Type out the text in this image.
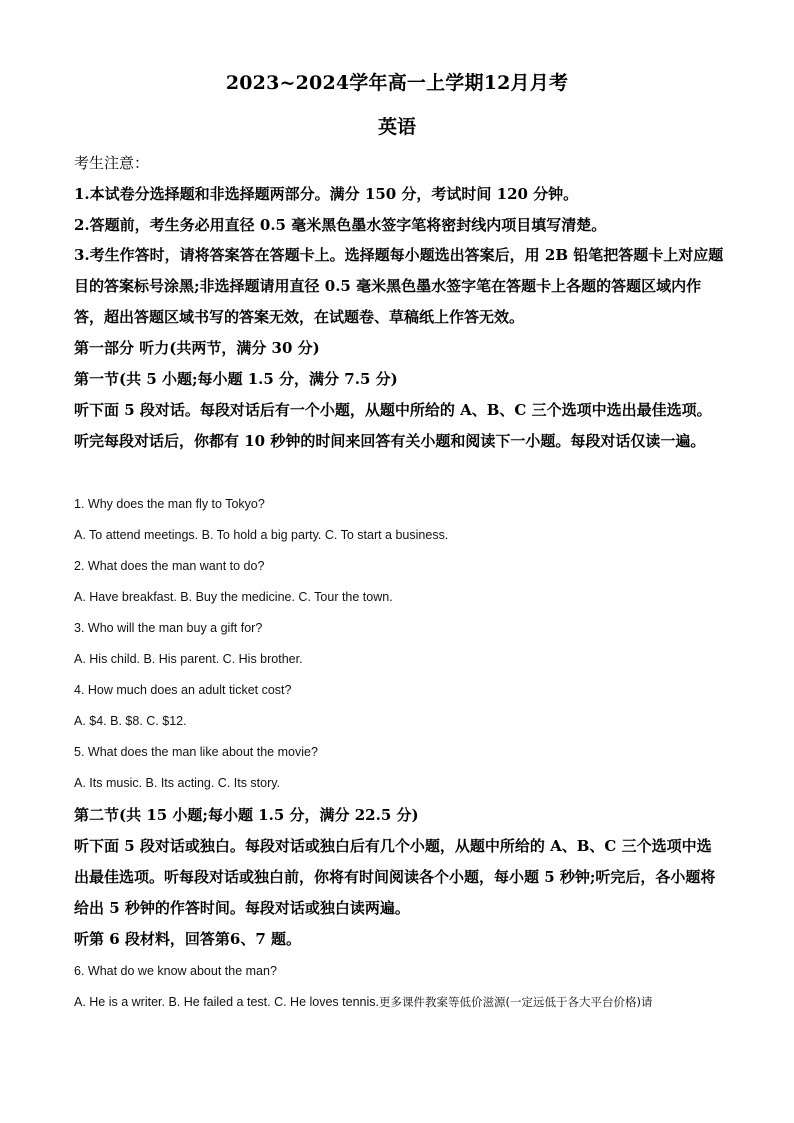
2023~2024学年高一上学期12月月考
英语
考生注意：
1.本试卷分选择题和非选择题两部分。满分 150 分，考试时间 120 分钟。
2.答题前，考生务必用直径 0.5 毫米黑色墨水签字笔将密封线内项目填写清楚。
3.考生作答时，请将答案答在答题卡上。选择题每小题选出答案后，用 2B 铅笔把答题卡上对应题目的答案标号涂黑;非选择题请用直径 0.5 毫米黑色墨水签字笔在答题卡上各题的答题区域内作答，超出答题区域书写的答案无效，在试题卷、草稿纸上作答无效。
第一部分 听力(共两节，满分 30 分)
第一节(共 5 小题;每小题 1.5 分，满分 7.5 分)
听下面 5 段对话。每段对话后有一个小题，从题中所给的 A、B、C 三个选项中选出最佳选项。听完每段对话后，你都有 10 秒钟的时间来回答有关小题和阅读下一小题。每段对话仅读一遍。
1. Why does the man fly to Tokyo?
A. To attend meetings. B. To hold a big party. C. To start a business.
2. What does the man want to do?
A. Have breakfast. B. Buy the medicine. C. Tour the town.
3. Who will the man buy a gift for?
A. His child. B. His parent. C. His brother.
4. How much does an adult ticket cost?
A. $4. B. $8. C. $12.
5. What does the man like about the movie?
A. Its music. B. Its acting. C. Its story.
第二节(共 15 小题;每小题 1.5 分，满分 22.5 分)
听下面 5 段对话或独白。每段对话或独白后有几个小题，从题中所给的 A、B、C 三个选项中选出最佳选项。听每段对话或独白前，你将有时间阅读各个小题，每小题 5 秒钟;听完后，各小题将给出 5 秒钟的作答时间。每段对话或独白读两遍。
听第 6 段材料，回答第6、7 题。
6. What do we know about the man?
A. He is a writer. B. He failed a test. C. He loves tennis.更多课件教案等低价滋源(一定远低于各大平台价格)请
